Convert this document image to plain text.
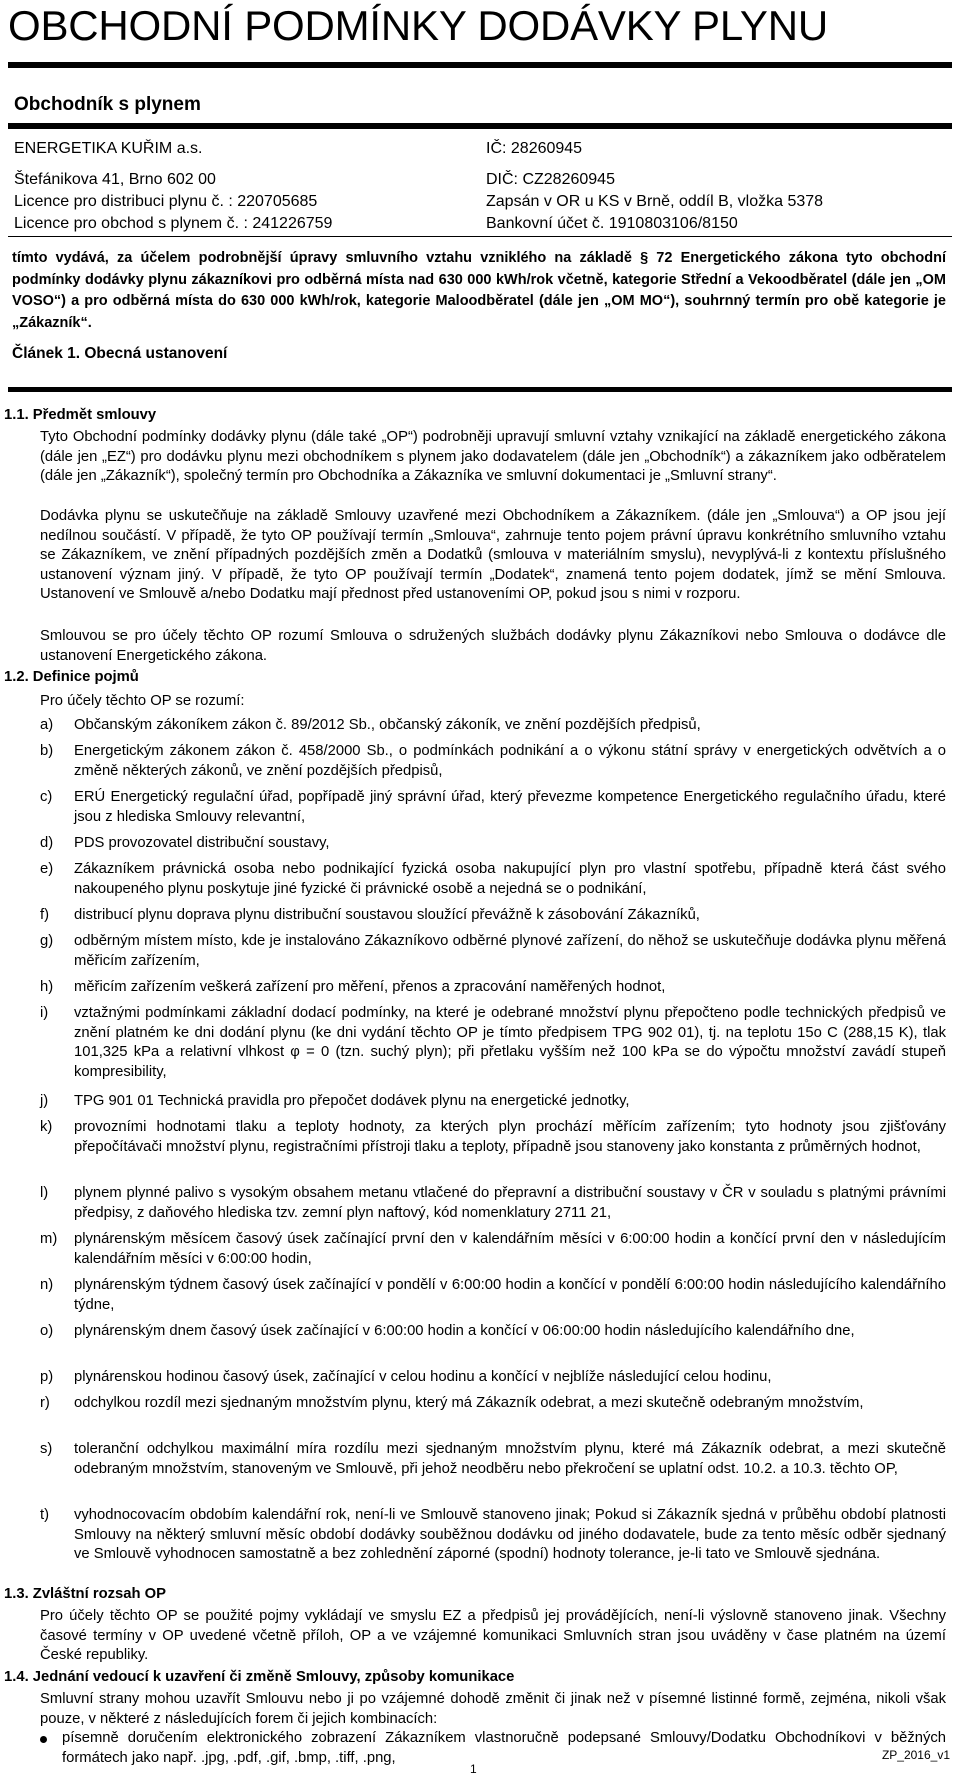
OBCHODNÍ PODMÍNKY DODÁVKY PLYNU
Obchodník s plynem
ENERGETIKA KUŘIM a.s.	IČ: 28260945
Štefánikova 41, Brno 602 00	DIČ: CZ28260945
Licence pro distribuci plynu č. : 220705685	Zapsán v OR u KS v Brně, oddíl B, vložka 5378
Licence pro obchod s plynem č. : 241226759	Bankovní účet č. 1910803106/8150
tímto vydává, za účelem podrobnější úpravy smluvního vztahu vzniklého na základě § 72 Energetického zákona tyto obchodní podmínky dodávky plynu zákazníkovi pro odběrná místa nad 630 000 kWh/rok včetně, kategorie Střední a Vekoodběratel (dále jen „OM VOSO“) a pro odběrná místa do 630 000 kWh/rok, kategorie Maloodběratel (dále jen „OM MO“), souhrnný termín pro obě kategorie je „Zákazník“.
Článek 1. Obecná ustanovení
1.1. Předmět smlouvy
Tyto Obchodní podmínky dodávky plynu (dále také „OP“) podrobněji upravují smluvní vztahy vznikající na základě energetického zákona (dále jen „EZ“) pro dodávku plynu mezi obchodníkem s plynem jako dodavatelem (dále jen „Obchodník“) a zákazníkem jako odběratelem (dále jen „Zákazník“), společný termín pro Obchodníka a Zákazníka ve smluvní dokumentaci je „Smluvní strany“.
Dodávka plynu se uskutečňuje na základě Smlouvy uzavřené mezi Obchodníkem a Zákazníkem. (dále jen „Smlouva“) a OP jsou její nedílnou součástí. V případě, že tyto OP používají termín „Smlouva“, zahrnuje tento pojem právní úpravu konkrétního smluvního vztahu se Zákazníkem, ve znění případných pozdějších změn a Dodatků (smlouva v materiálním smyslu), nevyplývá-li z kontextu příslušného ustanovení význam jiný. V případě, že tyto OP používají termín „Dodatek“, znamená tento pojem dodatek, jímž se mění Smlouva. Ustanovení ve Smlouvě a/nebo Dodatku mají přednost před ustanoveními OP, pokud jsou s nimi v rozporu.
Smlouvou se pro účely těchto OP rozumí Smlouva o sdružených službách dodávky plynu Zákazníkovi nebo Smlouva o dodávce dle ustanovení Energetického zákona.
1.2. Definice pojmů
Pro účely těchto OP se rozumí:
a) Občanským zákoníkem zákon č. 89/2012 Sb., občanský zákoník, ve znění pozdějších předpisů,
b) Energetickým zákonem zákon č. 458/2000 Sb., o podmínkách podnikání a o výkonu státní správy v energetických odvětvích a o změně některých zákonů, ve znění pozdějších předpisů,
c) ERÚ Energetický regulační úřad, popřípadě jiný správní úřad, který převezme kompetence Energetického regulačního úřadu, které jsou z hlediska Smlouvy relevantní,
d) PDS provozovatel distribuční soustavy,
e) Zákazníkem právnická osoba nebo podnikající fyzická osoba nakupující plyn pro vlastní spotřebu, případně která část svého nakoupeného plynu poskytuje jiné fyzické či právnické osobě a nejedná se o podnikání,
f) distribucí plynu doprava plynu distribuční soustavou sloužící převážně k zásobování Zákazníků,
g) odběrným místem místo, kde je instalováno Zákazníkovo odběrné plynové zařízení, do něhož se uskutečňuje dodávka plynu měřená měřicím zařízením,
h) měřicím zařízením veškerá zařízení pro měření, přenos a zpracování naměřených hodnot,
i) vztažnými podmínkami základní dodací podmínky, na které je odebrané množství plynu přepočteno podle technických předpisů ve znění platném ke dni dodání plynu (ke dni vydání těchto OP je tímto předpisem TPG 902 01), tj. na teplotu 15o C (288,15 K), tlak 101,325 kPa a relativní vlhkost φ = 0 (tzn. suchý plyn); při přetlaku vyšším než 100 kPa se do výpočtu množství zavádí stupeň kompresibility,
j) TPG 901 01 Technická pravidla pro přepočet dodávek plynu na energetické jednotky,
k) provozními hodnotami tlaku a teploty hodnoty, za kterých plyn prochází měřícím zařízením; tyto hodnoty jsou zjišťovány přepočítávači množství plynu, registračními přístroji tlaku a teploty, případně jsou stanoveny jako konstanta z průměrných hodnot,
l) plynem plynné palivo s vysokým obsahem metanu vtlačené do přepravní a distribuční soustavy v ČR v souladu s platnými právními předpisy, z daňového hlediska tzv. zemní plyn naftový, kód nomenklatury 2711 21,
m) plynárenským měsícem časový úsek začínající první den v kalendářním měsíci v 6:00:00 hodin a končící první den v následujícím kalendářním měsíci v 6:00:00 hodin,
n) plynárenským týdnem časový úsek začínající v pondělí v 6:00:00 hodin a končící v pondělí 6:00:00 hodin následujícího kalendářního týdne,
o) plynárenským dnem časový úsek začínající v 6:00:00 hodin a končící v 06:00:00 hodin následujícího kalendářního dne,
p) plynárenskou hodinou časový úsek, začínající v celou hodinu a končící v nejblíže následující celou hodinu,
r) odchylkou rozdíl mezi sjednaným množstvím plynu, který má Zákazník odebrat, a mezi skutečně odebraným množstvím,
s) toleranční odchylkou maximální míra rozdílu mezi sjednaným množstvím plynu, které má Zákazník odebrat, a mezi skutečně odebraným množstvím, stanoveným ve Smlouvě, při jehož neodběru nebo překročení se uplatní odst. 10.2. a 10.3. těchto OP,
t) vyhodnocovacím obdobím kalendářní rok, není-li ve Smlouvě stanoveno jinak; Pokud si Zákazník sjedná v průběhu období platnosti Smlouvy na některý smluvní měsíc období dodávky souběžnou dodávku od jiného dodavatele, bude za tento měsíc odběr sjednaný ve Smlouvě vyhodnocen samostatně a bez zohlednění záporné (spodní) hodnoty tolerance, je-li tato ve Smlouvě sjednána.
1.3. Zvláštní rozsah OP
Pro účely těchto OP se použité pojmy vykládají ve smyslu EZ a předpisů jej provádějících, není-li výslovně stanoveno jinak. Všechny časové termíny v OP uvedené včetně příloh, OP a ve vzájemné komunikaci Smluvních stran jsou uváděny v čase platném na území České republiky.
1.4. Jednání vedoucí k uzavření či změně Smlouvy, způsoby komunikace
Smluvní strany mohou uzavřít Smlouvu nebo ji po vzájemné dohodě změnit či jinak než v písemné listinné formě, zejména, nikoli však pouze, v některé z následujících forem či jejich kombinacích:
písemně doručením elektronického zobrazení Zákazníkem vlastnoručně podepsané Smlouvy/Dodatku Obchodníkovi v běžných formátech jako např. .jpg, .pdf, .gif, .bmp, .tiff, .png,	ZP_2016_v1
1
